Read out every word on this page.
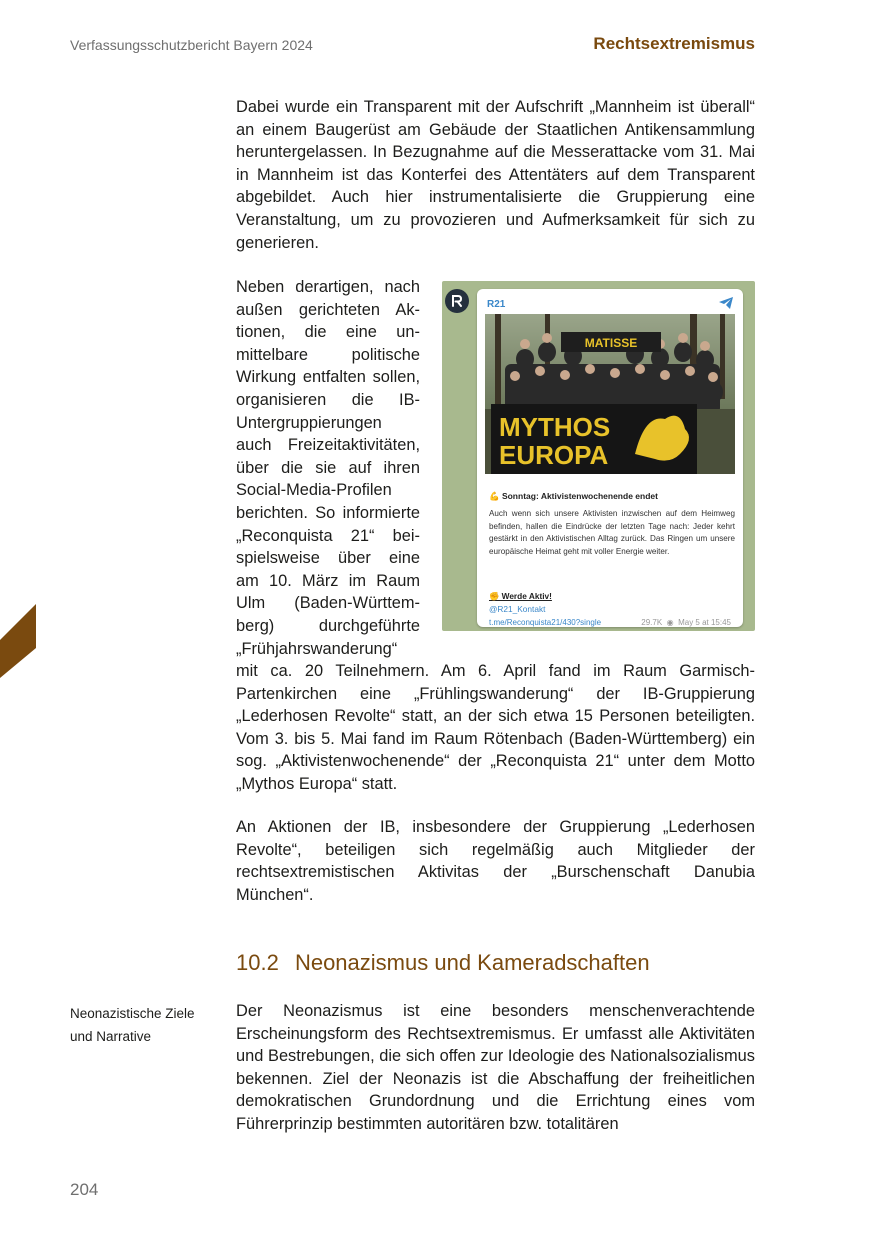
Verfassungsschutzbericht Bayern 2024	Rechtsextremismus
Dabei wurde ein Transparent mit der Aufschrift „Mannheim ist überall“ an einem Baugerüst am Gebäude der Staatlichen Antikensammlung heruntergelassen. In Bezugnahme auf die Messerattacke vom 31. Mai in Mannheim ist das Konterfei des Attentäters auf dem Transparent abgebildet. Auch hier instrumentalisierte die Gruppierung eine Veranstaltung, um zu provozieren und Aufmerksamkeit für sich zu generieren.
R21
MATISSE
MYTHOS
EUROPA
💪 Sonntag: Aktivistenwochenende endet
Auch wenn sich unsere Aktivisten inzwischen auf dem Heimweg befinden, hallen die Eindrücke der letzten Tage nach: Jeder kehrt gestärkt in den Aktivistischen Alltag zurück. Das Ringen um unsere europäische Heimat geht mit voller Energie weiter.
✊ Werde Aktiv!
@R21_Kontakt
t.me/Reconquista21/430?single	29.7K  ◉  May 5 at 15:45
Neben derartigen, nach außen gerichteten Aktionen, die eine unmittelbare politische Wirkung entfalten sollen, organisieren die IB-Untergruppierungen auch Freizeitaktivitäten, über die sie auf ihren Social-Media-Profilen berichten. So informierte „Reconquista 21“ beispielsweise über eine am 10. März im Raum Ulm (Baden-Württemberg) durchgeführte „Frühjahrswanderung“ mit ca. 20 Teilnehmern. Am 6. April fand im Raum Garmisch-Partenkirchen eine „Frühlingswanderung“ der IB-Gruppierung „Lederhosen Revolte“ statt, an der sich etwa 15 Personen beteiligten. Vom 3. bis 5. Mai fand im Raum Rötenbach (Baden-Württemberg) ein sog. „Aktivistenwochenende“ der „Reconquista 21“ unter dem Motto „Mythos Europa“ statt.
An Aktionen der IB, insbesondere der Gruppierung „Lederhosen Revolte“, beteiligen sich regelmäßig auch Mitglieder der rechtsextremistischen Aktivitas der „Burschenschaft Danubia München“.
10.2 Neonazismus und Kameradschaften
Neonazistische Ziele und Narrative
Der Neonazismus ist eine besonders menschenverachtende Erscheinungsform des Rechtsextremismus. Er umfasst alle Aktivitäten und Bestrebungen, die sich offen zur Ideologie des Nationalsozialismus bekennen. Ziel der Neonazis ist die Abschaffung der freiheitlichen demokratischen Grundordnung und die Errichtung eines vom Führerprinzip bestimmten autoritären bzw. totalitären
204
